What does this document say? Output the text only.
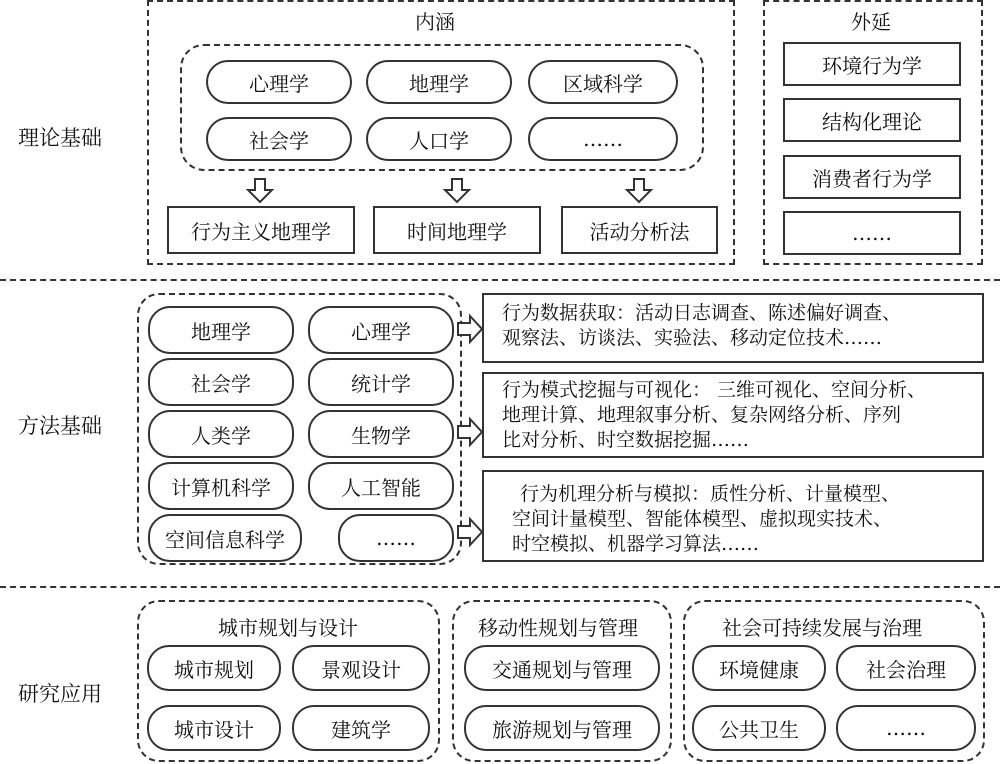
理论基础
方法基础
研究应用
内涵
心理学	地理学	区域科学
社会学	人口学	……
行为主义地理学	时间地理学	活动分析法
外延
环境行为学
结构化理论
消费者行为学
……
地理学	心理学
社会学	统计学
人类学	生物学
计算机科学	人工智能
空间信息科学	……
行为数据获取：活动日志调查、陈述偏好调查、
观察法、访谈法、实验法、移动定位技术……
行为模式挖掘与可视化： 三维可视化、空间分析、
地理计算、地理叙事分析、复杂网络分析、序列
比对分析、时空数据挖掘……
行为机理分析与模拟：质性分析、计量模型、
空间计量模型、智能体模型、虚拟现实技术、
时空模拟、机器学习算法……
城市规划与设计
城市规划	景观设计
城市设计	建筑学
移动性规划与管理
交通规划与管理
旅游规划与管理
社会可持续发展与治理
环境健康	社会治理
公共卫生	……
